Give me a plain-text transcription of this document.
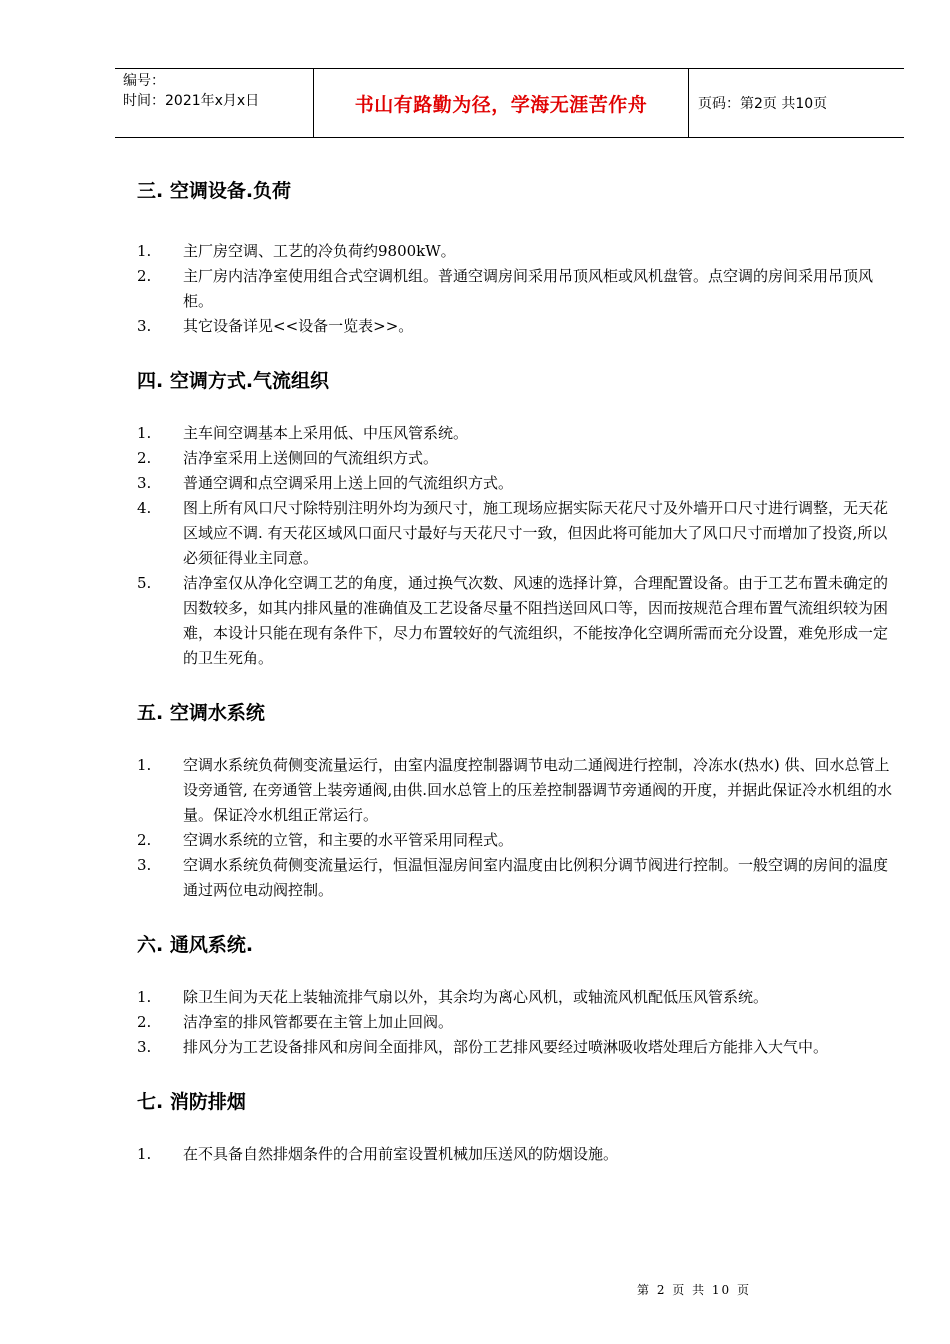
编号：
时间：2021年x月x日	书山有路勤为径，学海无涯苦作舟	页码：第2页 共10页
三. 空调设备.负荷
1.	主厂房空调、工艺的冷负荷约9800kW。
2.	主厂房内洁净室使用组合式空调机组。普通空调房间采用吊顶风柜或风机盘管。点空调的房间采用吊顶风柜。
3.	其它设备详见<<设备一览表>>。
四. 空调方式.气流组织
1.	主车间空调基本上采用低、中压风管系统。
2.	洁净室采用上送侧回的气流组织方式。
3.	普通空调和点空调采用上送上回的气流组织方式。
4.	图上所有风口尺寸除特别注明外均为颈尺寸，施工现场应据实际天花尺寸及外墙开口尺寸进行调整，无天花区域应不调. 有天花区域风口面尺寸最好与天花尺寸一致，但因此将可能加大了风口尺寸而增加了投资,所以必须征得业主同意。
5.	洁净室仅从净化空调工艺的角度，通过换气次数、风速的选择计算，合理配置设备。由于工艺布置未确定的因数较多，如其内排风量的准确值及工艺设备尽量不阻挡送回风口等，因而按规范合理布置气流组织较为困难，本设计只能在现有条件下，尽力布置较好的气流组织，不能按净化空调所需而充分设置，难免形成一定的卫生死角。
五. 空调水系统
1.	空调水系统负荷侧变流量运行，由室内温度控制器调节电动二通阀进行控制，冷冻水(热水) 供、回水总管上设旁通管, 在旁通管上装旁通阀,由供.回水总管上的压差控制器调节旁通阀的开度，并据此保证冷水机组的水量。保证冷水机组正常运行。
2.	空调水系统的立管，和主要的水平管采用同程式。
3.	空调水系统负荷侧变流量运行，恒温恒湿房间室内温度由比例积分调节阀进行控制。一般空调的房间的温度通过两位电动阀控制。
六. 通风系统.
1.	除卫生间为天花上装轴流排气扇以外，其余均为离心风机，或轴流风机配低压风管系统。
2.	洁净室的排风管都要在主管上加止回阀。
3.	排风分为工艺设备排风和房间全面排风，部份工艺排风要经过喷淋吸收塔处理后方能排入大气中。
七. 消防排烟
1.	在不具备自然排烟条件的合用前室设置机械加压送风的防烟设施。
第 2 页 共 10 页
